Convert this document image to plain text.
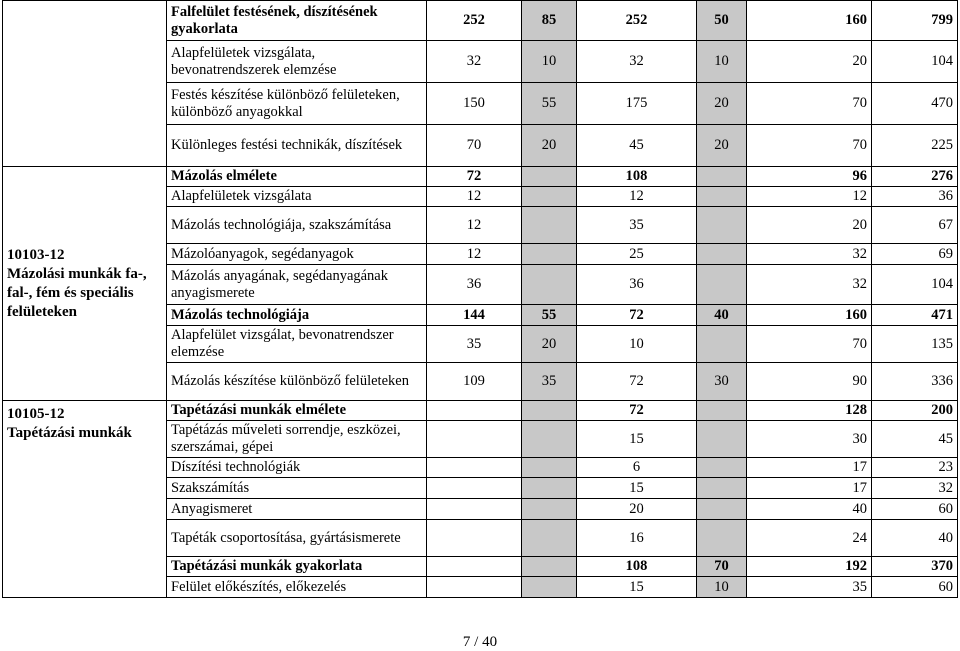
	Falfelület festésének, díszítésének gyakorlata	252	85	252	50	160	799
	Alapfelületek vizsgálata, bevonatrendszerek elemzése	32	10	32	10	20	104
	Festés készítése különböző felületeken, különböző anyagokkal	150	55	175	20	70	470
	Különleges festési technikák, díszítések	70	20	45	20	70	225

10103-12
Mázolási munkák fa-, fal-, fém és speciális felületeken	Mázolás elmélete	72		108		96	276
	Alapfelületek vizsgálata	12		12		12	36
	Mázolás technológiája, szakszámítása	12		35		20	67
	Mázolóanyagok, segédanyagok	12		25		32	69
	Mázolás anyagának, segédanyagának anyagismerete	36		36		32	104
	Mázolás technológiája	144	55	72	40	160	471
	Alapfelület vizsgálat, bevonatrendszer elemzése	35	20	10		70	135
	Mázolás készítése különböző felületeken	109	35	72	30	90	336

10105-12
Tapétázási munkák	Tapétázási munkák elmélete			72		128	200
	Tapétázás műveleti sorrendje, eszközei, szerszámai, gépei			15		30	45
	Díszítési technológiák			6		17	23
	Szakszámítás			15		17	32
	Anyagismeret			20		40	60
	Tapéták csoportosítása, gyártásismerete			16		24	40
	Tapétázási munkák gyakorlata			108	70	192	370
	Felület előkészítés, előkezelés			15	10	35	60
7 / 40
